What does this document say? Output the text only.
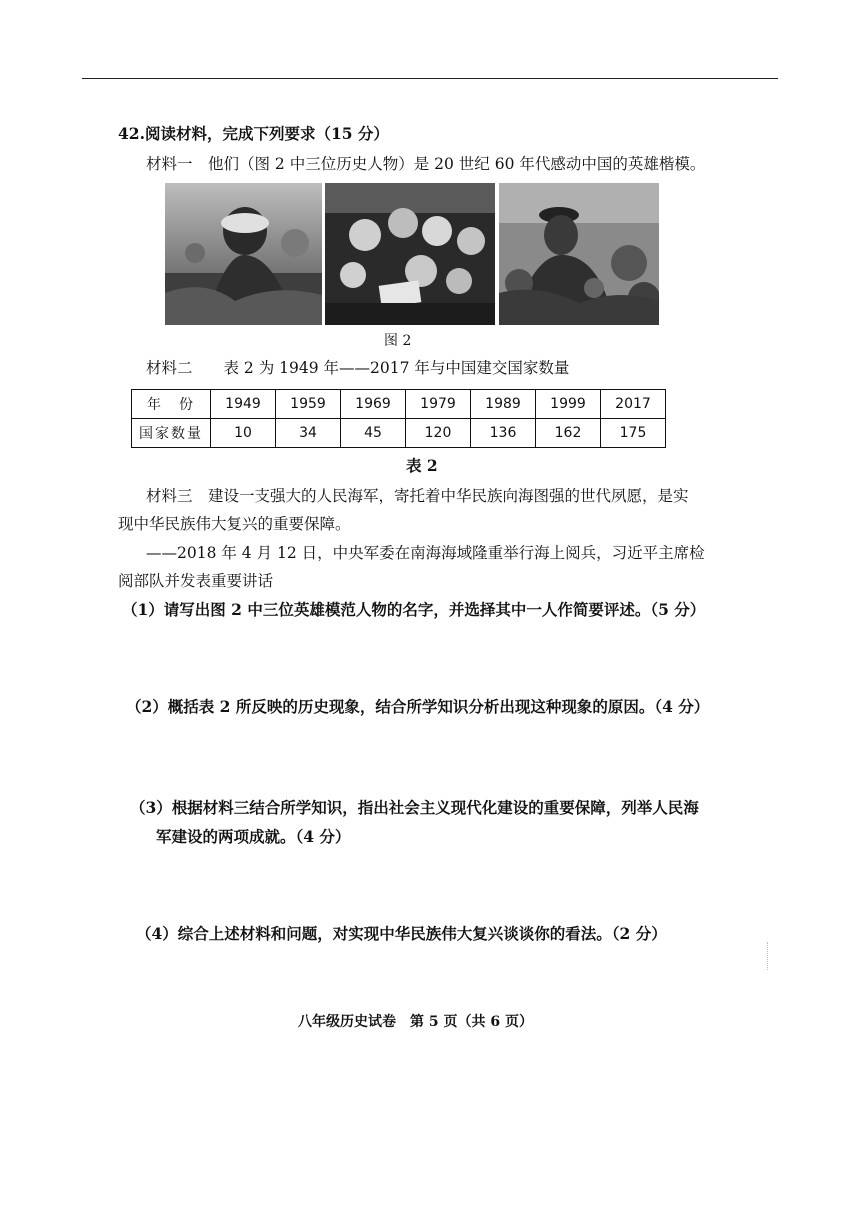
42.阅读材料，完成下列要求（15 分）
材料一　他们（图 2 中三位历史人物）是 20 世纪 60 年代感动中国的英雄楷模。
图 2
材料二　　表 2 为 1949 年——2017 年与中国建交国家数量
年　份	1949	1959	1969	1979	1989	1999	2017
国家数量	10	34	45	120	136	162	175
表 2
材料三　建设一支强大的人民海军，寄托着中华民族向海图强的世代夙愿，是实
现中华民族伟大复兴的重要保障。
——2018 年 4 月 12 日，中央军委在南海海域隆重举行海上阅兵，习近平主席检
阅部队并发表重要讲话
（1）请写出图 2 中三位英雄模范人物的名字，并选择其中一人作简要评述。（5 分）
（2）概括表 2 所反映的历史现象，结合所学知识分析出现这种现象的原因。（4 分）
（3）根据材料三结合所学知识，指出社会主义现代化建设的重要保障，列举人民海
军建设的两项成就。（4 分）
（4）综合上述材料和问题，对实现中华民族伟大复兴谈谈你的看法。（2 分）
八年级历史试卷　第 5 页（共 6 页）
